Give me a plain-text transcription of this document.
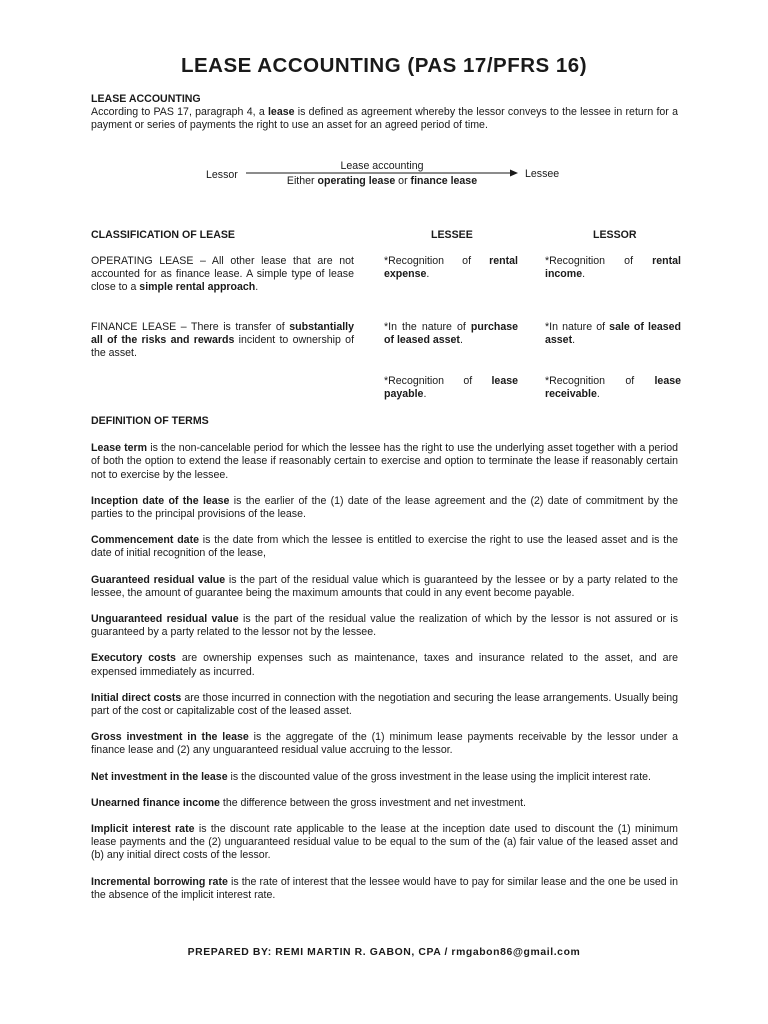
LEASE ACCOUNTING (PAS 17/PFRS 16)
LEASE ACCOUNTING
According to PAS 17, paragraph 4, a lease is defined as agreement whereby the lessor conveys to the lessee in return for a payment or series of payments the right to use an asset for an agreed period of time.
Lessor
Lease accounting
Either operating lease or finance lease
Lessee
CLASSIFICATION OF LEASE	LESSEE	LESSOR
OPERATING LEASE – All other lease that are not accounted for as finance lease. A simple type of lease close to a simple rental approach.
*Recognition of rental expense.
*Recognition of rental income.
FINANCE LEASE – There is transfer of substantially all of the risks and rewards incident to ownership of the asset.
*In the nature of purchase of leased asset.
*In nature of sale of leased asset.
*Recognition of lease payable.
*Recognition of lease receivable.
DEFINITION OF TERMS
Lease term is the non-cancelable period for which the lessee has the right to use the underlying asset together with a period of both the option to extend the lease if reasonably certain to exercise and option to terminate the lease if reasonably certain not to exercise by the lessee.
Inception date of the lease is the earlier of the (1) date of the lease agreement and the (2) date of commitment by the parties to the principal provisions of the lease.
Commencement date is the date from which the lessee is entitled to exercise the right to use the leased asset and is the date of initial recognition of the lease,
Guaranteed residual value is the part of the residual value which is guaranteed by the lessee or by a party related to the lessee, the amount of guarantee being the maximum amounts that could in any event become payable.
Unguaranteed residual value is the part of the residual value the realization of which by the lessor is not assured or is guaranteed by a party related to the lessor not by the lessee.
Executory costs are ownership expenses such as maintenance, taxes and insurance related to the asset, and are expensed immediately as incurred.
Initial direct costs are those incurred in connection with the negotiation and securing the lease arrangements. Usually being part of the cost or capitalizable cost of the leased asset.
Gross investment in the lease is the aggregate of the (1) minimum lease payments receivable by the lessor under a finance lease and (2) any unguaranteed residual value accruing to the lessor.
Net investment in the lease is the discounted value of the gross investment in the lease using the implicit interest rate.
Unearned finance income the difference between the gross investment and net investment.
Implicit interest rate is the discount rate applicable to the lease at the inception date used to discount the (1) minimum lease payments and the (2) unguaranteed residual value to be equal to the sum of the (a) fair value of the leased asset and (b) any initial direct costs of the lessor.
Incremental borrowing rate is the rate of interest that the lessee would have to pay for similar lease and the one be used in the absence of the implicit interest rate.
PREPARED BY: REMI MARTIN R. GABON, CPA / rmgabon86@gmail.com
